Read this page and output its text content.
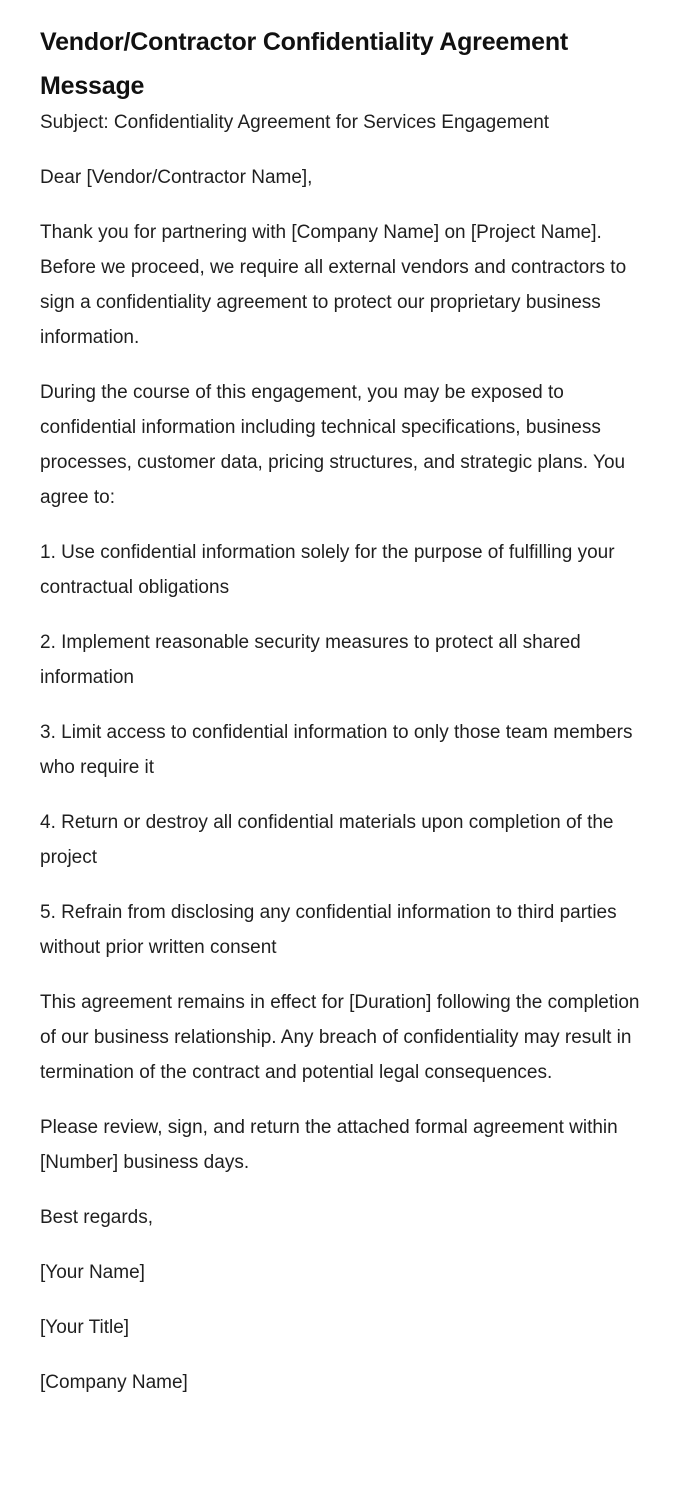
Vendor/Contractor Confidentiality Agreement Message

Subject: Confidentiality Agreement for Services Engagement

Dear [Vendor/Contractor Name],

Thank you for partnering with [Company Name] on [Project Name]. Before we proceed, we require all external vendors and contractors to sign a confidentiality agreement to protect our proprietary business information.

During the course of this engagement, you may be exposed to confidential information including technical specifications, business processes, customer data, pricing structures, and strategic plans. You agree to:

1. Use confidential information solely for the purpose of fulfilling your contractual obligations

2. Implement reasonable security measures to protect all shared information

3. Limit access to confidential information to only those team members who require it

4. Return or destroy all confidential materials upon completion of the project

5. Refrain from disclosing any confidential information to third parties without prior written consent

This agreement remains in effect for [Duration] following the completion of our business relationship. Any breach of confidentiality may result in termination of the contract and potential legal consequences.

Please review, sign, and return the attached formal agreement within [Number] business days.

Best regards,

[Your Name]

[Your Title]

[Company Name]
